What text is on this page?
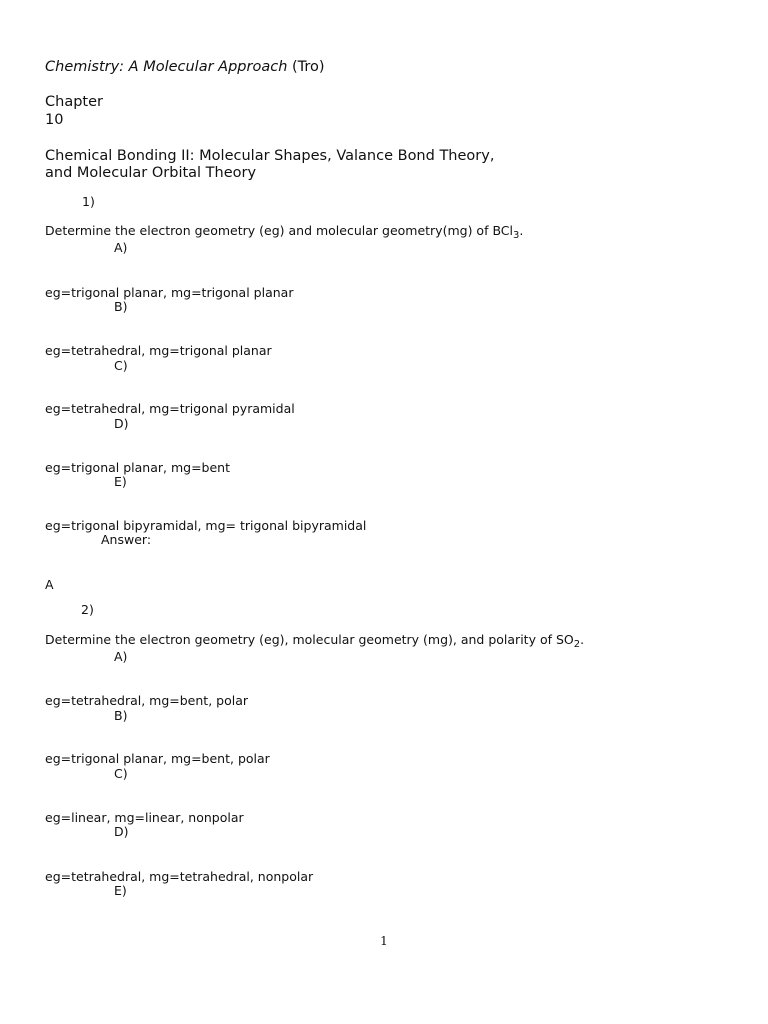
Chemistry: A Molecular Approach (Tro)
Chapter
10
Chemical Bonding II: Molecular Shapes, Valance Bond Theory,
and Molecular Orbital Theory
1)
Determine the electron geometry (eg) and molecular geometry(mg) of BCl$_3$.
A)
eg=trigonal planar, mg=trigonal planar
B)
eg=tetrahedral, mg=trigonal planar
C)
eg=tetrahedral, mg=trigonal pyramidal
D)
eg=trigonal planar, mg=bent
E)
eg=trigonal bipyramidal, mg= trigonal bipyramidal
Answer:
A
2)
Determine the electron geometry (eg), molecular geometry (mg), and polarity of $SO_2$.
A)
eg=tetrahedral, mg=bent, polar
B)
eg=trigonal planar, mg=bent, polar
C)
eg=linear, mg=linear, nonpolar
D)
eg=tetrahedral, mg=tetrahedral, nonpolar
E)
1
